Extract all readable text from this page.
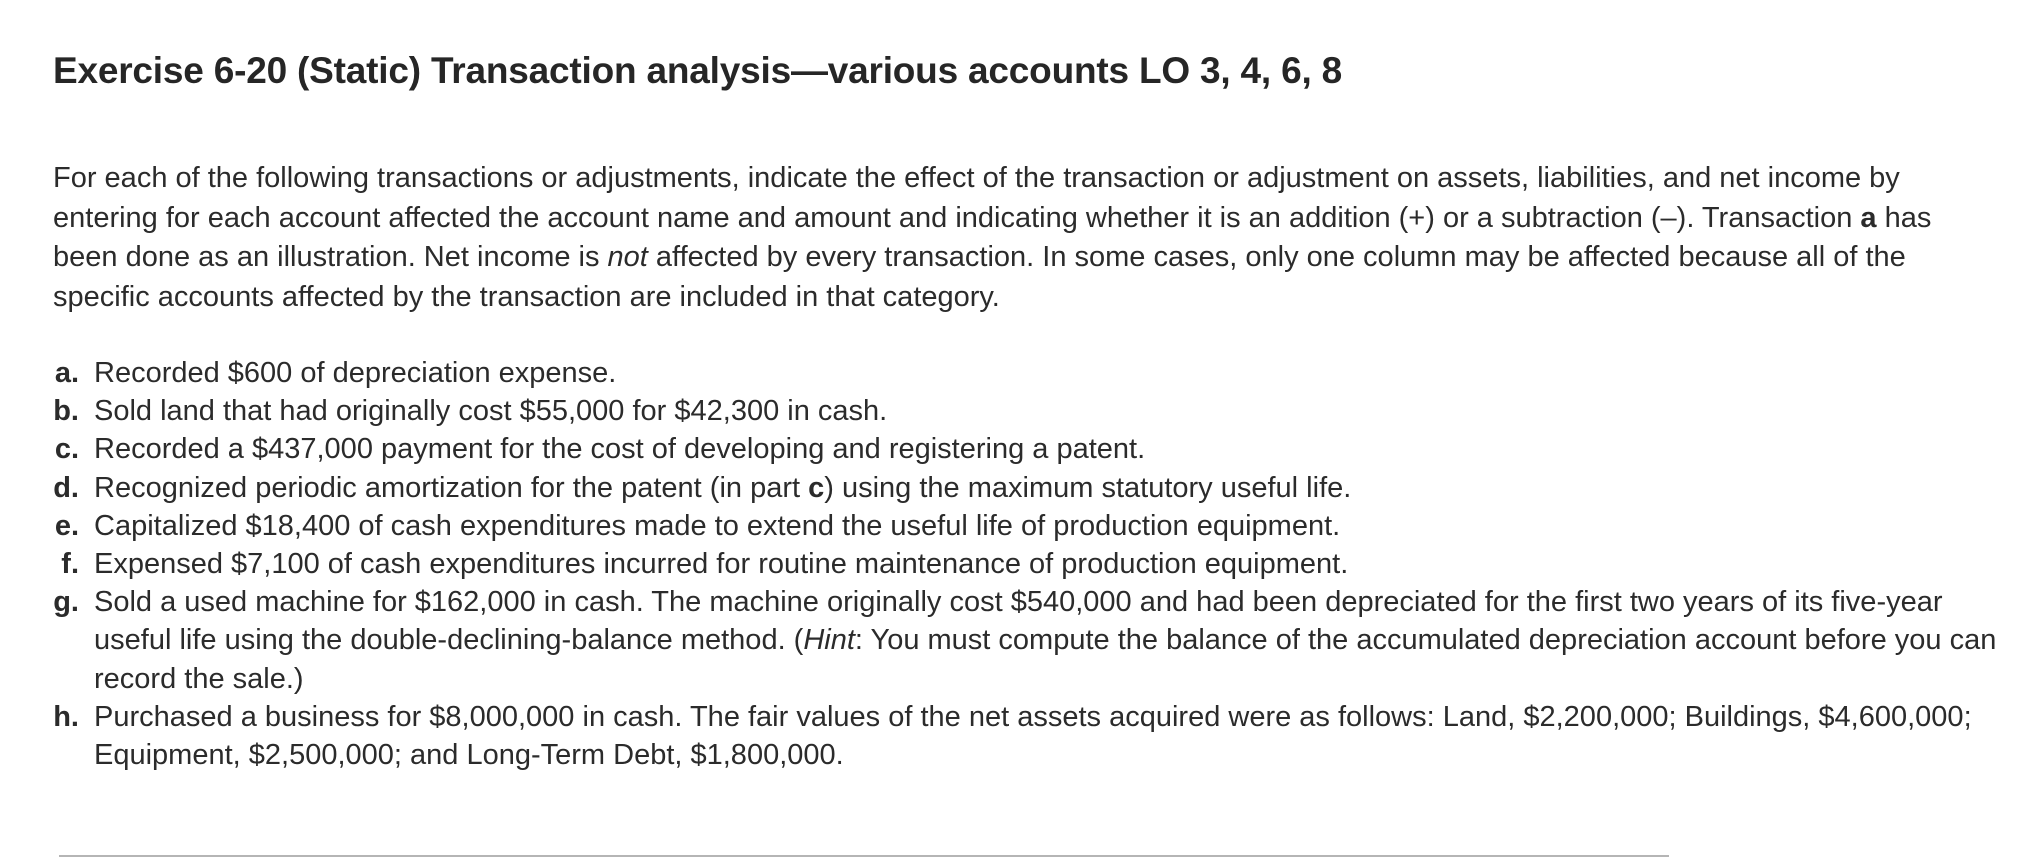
Exercise 6-20 (Static) Transaction analysis—various accounts LO 3, 4, 6, 8

For each of the following transactions or adjustments, indicate the effect of the transaction or adjustment on assets, liabilities, and net income by entering for each account affected the account name and amount and indicating whether it is an addition (+) or a subtraction (–). Transaction a has been done as an illustration. Net income is not affected by every transaction. In some cases, only one column may be affected because all of the specific accounts affected by the transaction are included in that category.

a. Recorded $600 of depreciation expense.
b. Sold land that had originally cost $55,000 for $42,300 in cash.
c. Recorded a $437,000 payment for the cost of developing and registering a patent.
d. Recognized periodic amortization for the patent (in part c) using the maximum statutory useful life.
e. Capitalized $18,400 of cash expenditures made to extend the useful life of production equipment.
f. Expensed $7,100 of cash expenditures incurred for routine maintenance of production equipment.
g. Sold a used machine for $162,000 in cash. The machine originally cost $540,000 and had been depreciated for the first two years of its five-year useful life using the double-declining-balance method. (Hint: You must compute the balance of the accumulated depreciation account before you can record the sale.)
h. Purchased a business for $8,000,000 in cash. The fair values of the net assets acquired were as follows: Land, $2,200,000; Buildings, $4,600,000; Equipment, $2,500,000; and Long-Term Debt, $1,800,000.
